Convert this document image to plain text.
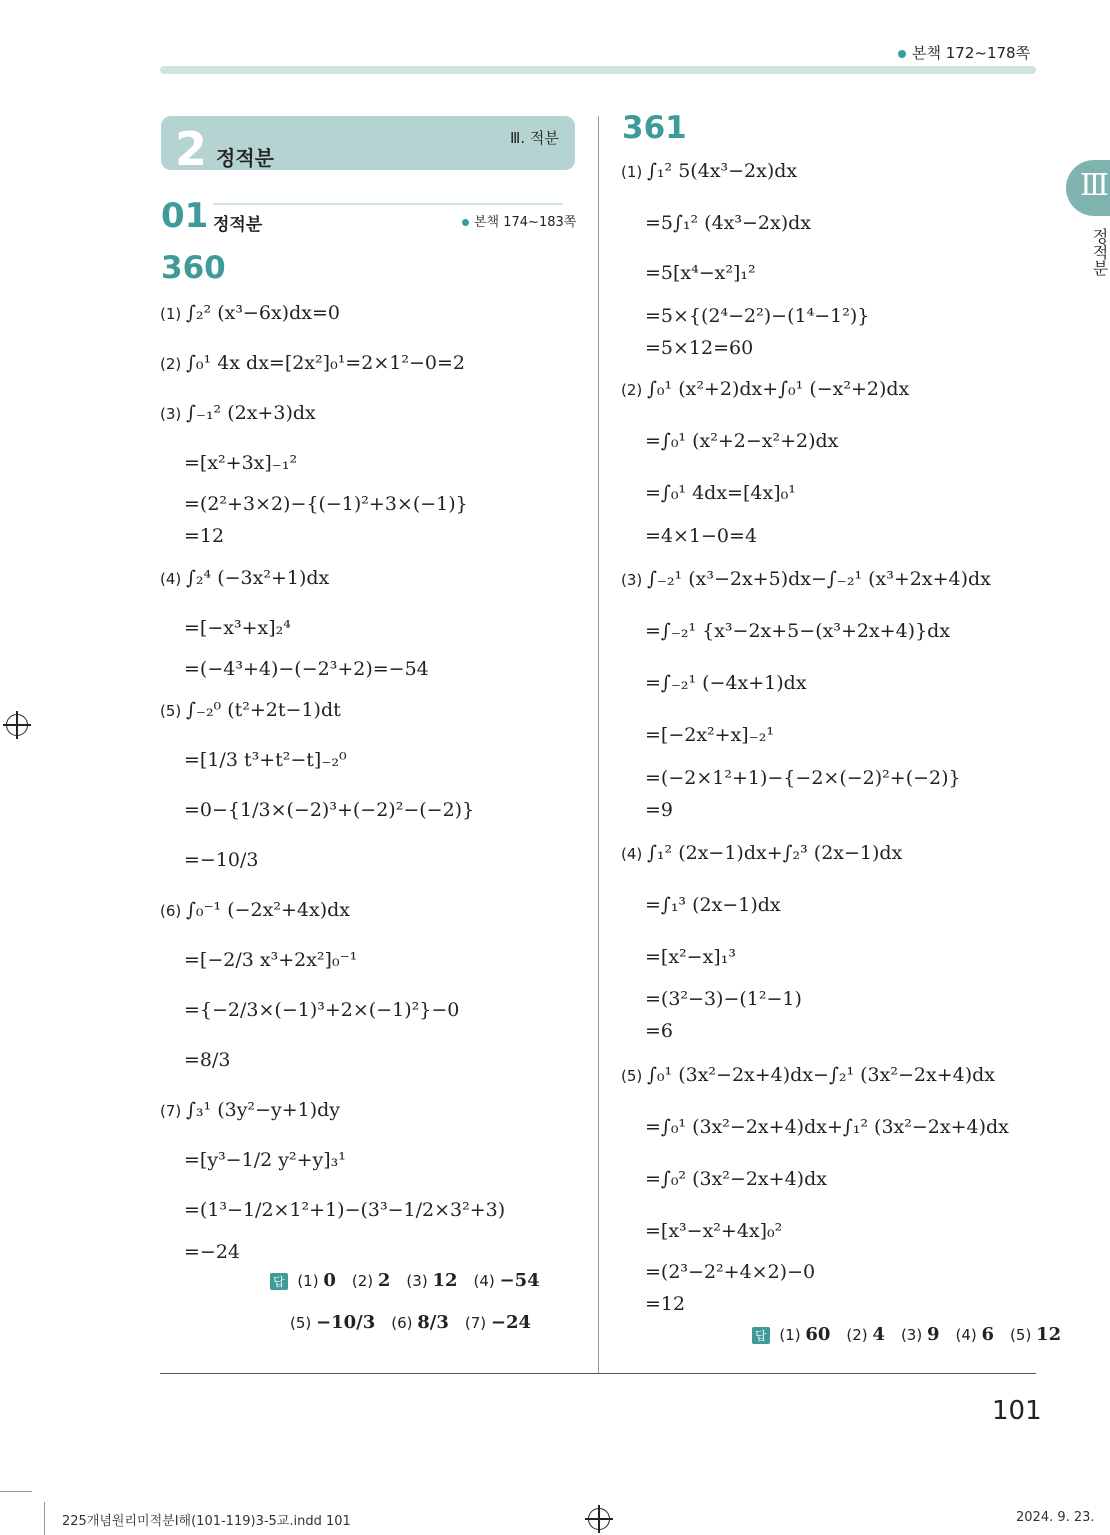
본책 172~178쪽
2 정적분
Ⅲ. 적분
01 정적분	본책 174~183쪽
Ⅲ
정적분
360
(1) ∫₂² (x³−6x)dx=0
(2) ∫₀¹ 4x dx=[2x²]₀¹=2×1²−0=2
(3) ∫₋₁² (2x+3)dx
=[x²+3x]₋₁²
=(2²+3×2)−{(−1)²+3×(−1)}
=12
(4) ∫₂⁴ (−3x²+1)dx
=[−x³+x]₂⁴
=(−4³+4)−(−2³+2)=−54
(5) ∫₋₂⁰ (t²+2t−1)dt
=[1/3 t³+t²−t]₋₂⁰
=0−{1/3×(−2)³+(−2)²−(−2)}
=−10/3
(6) ∫₀⁻¹ (−2x²+4x)dx
=[−2/3 x³+2x²]₀⁻¹
={−2/3×(−1)³+2×(−1)²}−0
=8/3
(7) ∫₃¹ (3y²−y+1)dy
=[y³−1/2 y²+y]₃¹
=(1³−1/2×1²+1)−(3³−1/2×3²+3)
=−24
답 (1) 0 (2) 2 (3) 12 (4) −54
(5) −10/3 (6) 8/3 (7) −24
361
(1) ∫₁² 5(4x³−2x)dx
=5∫₁² (4x³−2x)dx
=5[x⁴−x²]₁²
=5×{(2⁴−2²)−(1⁴−1²)}
=5×12=60
(2) ∫₀¹ (x²+2)dx+∫₀¹ (−x²+2)dx
=∫₀¹ (x²+2−x²+2)dx
=∫₀¹ 4dx=[4x]₀¹
=4×1−0=4
(3) ∫₋₂¹ (x³−2x+5)dx−∫₋₂¹ (x³+2x+4)dx
=∫₋₂¹ {x³−2x+5−(x³+2x+4)}dx
=∫₋₂¹ (−4x+1)dx
=[−2x²+x]₋₂¹
=(−2×1²+1)−{−2×(−2)²+(−2)}
=9
(4) ∫₁² (2x−1)dx+∫₂³ (2x−1)dx
=∫₁³ (2x−1)dx
=[x²−x]₁³
=(3²−3)−(1²−1)
=6
(5) ∫₀¹ (3x²−2x+4)dx−∫₂¹ (3x²−2x+4)dx
=∫₀¹ (3x²−2x+4)dx+∫₁² (3x²−2x+4)dx
=∫₀² (3x²−2x+4)dx
=[x³−x²+4x]₀²
=(2³−2²+4×2)−0
=12
답 (1) 60 (2) 4 (3) 9 (4) 6 (5) 12
101
225개념원리미적분Ⅰ해(101-119)3-5교.indd 101	2024. 9. 23.
